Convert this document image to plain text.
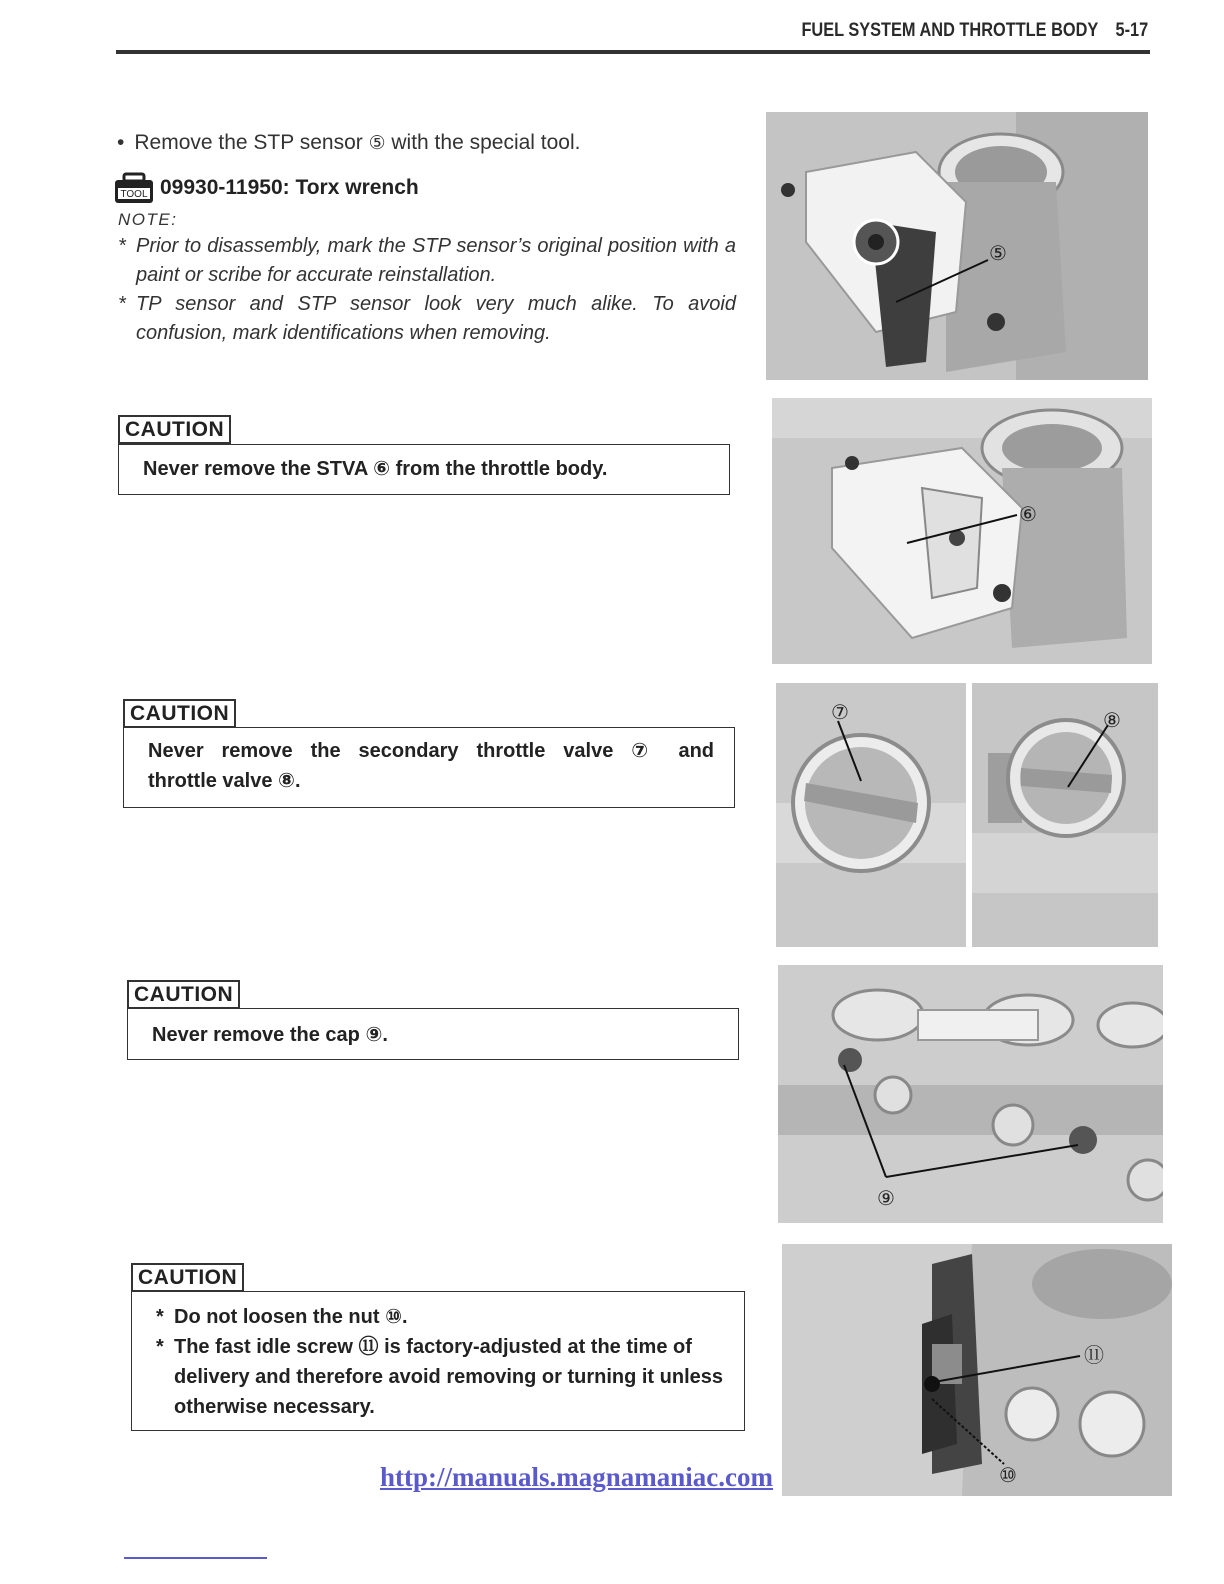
FUEL SYSTEM AND THROTTLE BODY 5-17
• Remove the STP sensor ⑤ with the special tool.
TOOL 09930-11950: Torx wrench
NOTE:
* Prior to disassembly, mark the STP sensor’s original position with a paint or scribe for accurate reinstallation.
* TP sensor and STP sensor look very much alike. To avoid confusion, mark identifications when removing.
CAUTION
Never remove the STVA ⑥ from the throttle body.
CAUTION
Never remove the secondary throttle valve ⑦ and
throttle valve ⑧.
CAUTION
Never remove the cap ⑨.
CAUTION
* Do not loosen the nut ⑩.
* The fast idle screw ⑪ is factory-adjusted at the time of delivery and therefore avoid removing or turning it unless otherwise necessary.
⑤
⑥
⑦	⑧
⑨
⑪
⑩
http://manuals.magnamaniac.com
